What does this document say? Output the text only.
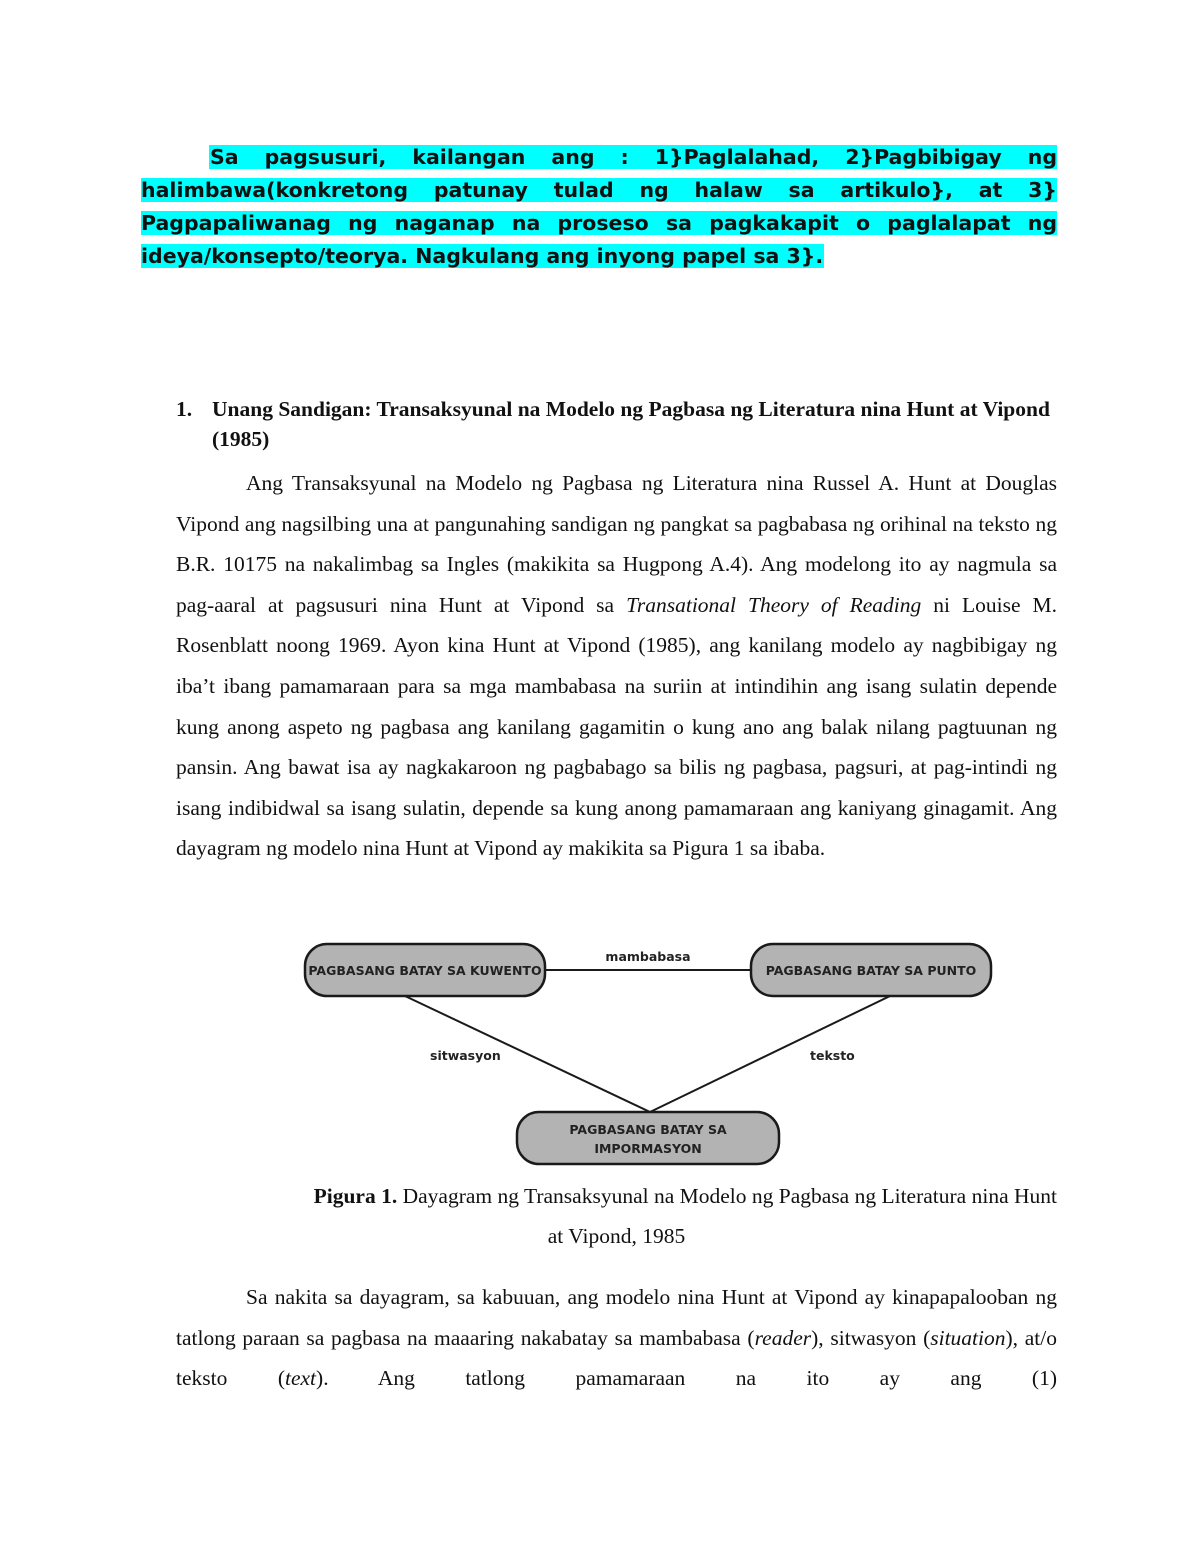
Sa pagsusuri, kailangan ang : 1}Paglalahad, 2}Pagbibigay ng halimbawa(konkretong patunay tulad ng halaw sa artikulo}, at 3} Pagpapaliwanag ng naganap na proseso sa pagkakapit o paglalapat ng ideya/konsepto/teorya. Nagkulang ang inyong papel sa 3}.
1. Unang Sandigan: Transaksyunal na Modelo ng Pagbasa ng Literatura nina Hunt at Vipond (1985)

Ang Transaksyunal na Modelo ng Pagbasa ng Literatura nina Russel A. Hunt at Douglas Vipond ang nagsilbing una at pangunahing sandigan ng pangkat sa pagbabasa ng orihinal na teksto ng B.R. 10175 na nakalimbag sa Ingles (makikita sa Hugpong A.4). Ang modelong ito ay nagmula sa pag-aaral at pagsusuri nina Hunt at Vipond sa Transational Theory of Reading ni Louise M. Rosenblatt noong 1969. Ayon kina Hunt at Vipond (1985), ang kanilang modelo ay nagbibigay ng iba’t ibang pamamaraan para sa mga mambabasa na suriin at intindihin ang isang sulatin depende kung anong aspeto ng pagbasa ang kanilang gagamitin o kung ano ang balak nilang pagtuunan ng pansin. Ang bawat isa ay nagkakaroon ng pagbabago sa bilis ng pagbasa, pagsuri, at pag-intindi ng isang indibidwal sa isang sulatin, depende sa kung anong pamamaraan ang kaniyang ginagamit. Ang dayagram ng modelo nina Hunt at Vipond ay makikita sa Pigura 1 sa ibaba.

PAGBASANG BATAY SA KUWENTO	PAGBASANG BATAY SA PUNTO
PAGBASANG BATAY SA
IMPORMASYON
mambabasa
sitwasyon	teksto
Pigura 1. Dayagram ng Transaksyunal na Modelo ng Pagbasa ng Literatura nina Hunt
at Vipond, 1985

Sa nakita sa dayagram, sa kabuuan, ang modelo nina Hunt at Vipond ay kinapapalooban ng tatlong paraan sa pagbasa na maaaring nakabatay sa mambabasa (reader), sitwasyon (situation), at/o teksto (text). Ang tatlong pamamaraan na ito ay ang (1)
